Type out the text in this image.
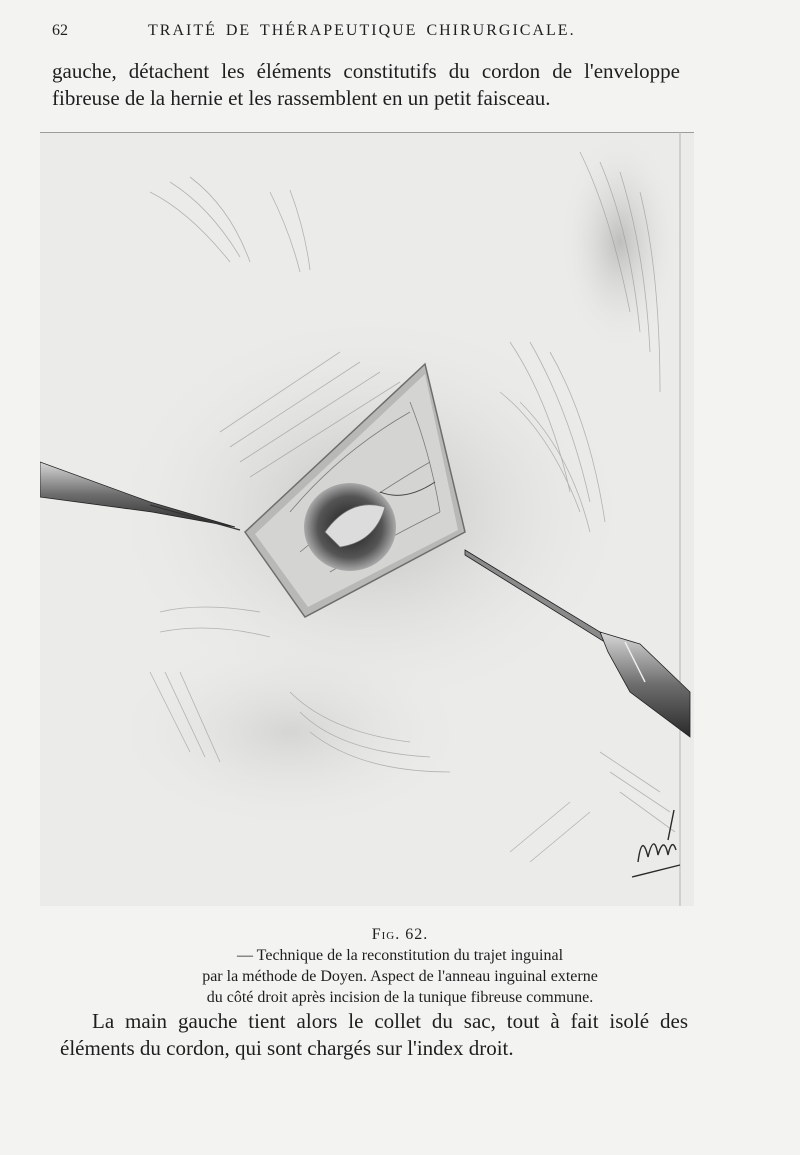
62	TRAITÉ DE THÉRAPEUTIQUE CHIRURGICALE.

gauche, détachent les éléments constitutifs du cordon de l'enveloppe
fibreuse de la hernie et les rassemblent en un petit faisceau.

Fig. 62.
— Technique de la reconstitution du trajet inguinal
par la méthode de Doyen. Aspect de l'anneau inguinal externe
du côté droit après incision de la tunique fibreuse commune.

La main gauche tient alors le collet du sac, tout à fait isolé des
éléments du cordon, qui sont chargés sur l'index droit.
